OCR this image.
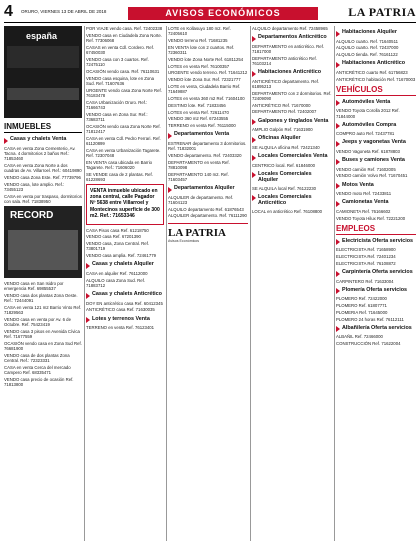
4 ORURO, VIERNES 13 DE ABRIL DE 2018	AVISOS ECONÓMICOS	LA PATRIA
españa
INMUEBLES
Casas y chalets Venta
CASA en venta Zona Cementerio, Av. Tacna. 4 dormitorios 2 baños Ref.: 71853460
CASA en venta Zona Norte a dos cuadras de Av. Villarroel. Ref.: 60419890
VENDO casa Zona Este. Ref. 77739796
VENDO casa, lote amplio. Ref.: 73455123
CASA en venta por traspaso, dormitorios con sala. Ref. 71838950
RECORD
VENDO casa en San Isidro por emergencia Ref. 69855537
VENDO casa dos plantas Zona Oeste. Ref.: 72444091
CASA en venta 121 m2 Barrio Vinto Ref. 71829563
VENDO casa en venta por Av. 6 de Octubre. Ref. 75423419
VENDO casa 3 pisos en Avenida Cívica Ref. 71677559
OCASIÓN vendo casa en Zona Sud Ref. 76681900
VENDO casa de dos plantas Zona Central. Ref.: 72323331
CASA en venta Cerca del mercado Campero Ref. 68335471
VENDO casa precio de ocasión Ref. 71813800
POR VIAJE vendo casa. Ref. 72402338
VENDO casa en Ciudadela Zona Norte. Ref. 77306068
CASAS en venta Cdl. Cordero. Ref. 67450030
VENDO casa con 3 cuartos. Ref. 72475110
OCASIÓN vendo casa. Ref. 76110631
VENDO casa esquina, lote en Zona Sud. Ref. 71607636
URGENTE vendo casa Zona Norte Ref. 76183478
CASA Urbanización Oruro. Ref.: 71666743
VENDO casa en Zona Sur. Ref.: 73683711
OCASIÓN vendo casa Zona Norte Ref. 71812417
CASA en venta Cdl. Pedro Ferrari. Ref. 61120899
CASA en venta Urbanización Tagarete. Ref. 72307048
EN VENTA casa ubicada en Barrio Tagarete. Ref.: 71606020
SE VENDE casa de 2 plantas. Ref. 61228693
VENTA inmueble ubicado en zona central, calle Pagador Nº 5638 entre Villarroel y Montecinos superficie de 300 m2. Ref.: 71653346
CASA Pisos casa Ref. 61218750
VENDO casa Ref. 67201390
VENDO casa, Zona Central. Ref. 73801719
VENDO casa amplia. Ref. 72461779
Casas y chalets Alquiler
CASA en alquiler Ref. 76112000
ALQUILO casa Zona Sud. Ref. 71883712
Casas y chalets Anticrético
DOY EN anticrético casa Ref. 60412345
ANTICRÉTICO casa Ref. 71630035
Lotes y terrenos Venta
TERRENO en venta Ref. 76123401
LOTE en Kollasuyo 180 m2. Ref. 72405610
VENDO terreno Ref. 71681235
EN VENTA lote con 2 cuartos. Ref. 72360311
VENDO lote Zona Norte Ref. 61811254
LOTES en venta Ref. 76100357
URGENTE vendo terreno. Ref. 71641212
VENDO lote Zona Sur. Ref. 72321777
LOTE en venta, Ciudadela Barrio Ref. 71649887
LOTES en venta 360 m2 Ref. 71604100
DESTINO lote. Ref. 71833456
LOTES en venta Ref. 72611470
VENDO 360 m2 Ref. 67243555
TERRENO en venta Ref. 76115000
Departamentos Venta
ESTRENAR departamento 3 dormitorios. Ref. 71832001
VENDO departamento. Ref. 72403320
DEPARTAMENTO en venta Ref. 78810098
DEPARTAMENTO 140 m2. Ref. 71603457
Departamentos Alquiler
ALQUILER de departamento. Ref. 71604123
ALQUILO departamento Ref. 61876543
ALQUILER departamento. Ref. 76111290
LA PATRIA
Avisos Económicos
ALQUILO departamento Ref. 72458965
Departamentos Anticrético
DEPARTAMENTO en anticrético. Ref. 71817000
DEPARTAMENTO anticrético Ref. 76103214
Habitaciones Anticrético
ANTICRÉTICO departamento. Ref. 61895213
DEPARTAMENTO con 2 dormitorios. Ref. 72409090
ANTICRÉTICO Ref. 71670000
DEPARTAMENTO Ref. 72402007
Galpones y tinglados Venta
AMPLIO Galpón Ref. 71631900
Oficinas Alquiler
SE ALQUILA oficina Ref. 72421340
Locales Comerciales Venta
CENTRICO local. Ref. 61846000
Locales Comerciales Alquiler
SE ALQUILA local Ref. 76122230
Locales Comerciales Anticrético
LOCAL en anticrético Ref. 76108800
Habitaciones Alquiler
ALQUILO cuarto. Ref. 71640511
ALQUILO cuarto. Ref. 72437000
ALQUILO tienda. Ref. 76161122
Habitaciones Anticrético
ANTICRÉTICO cuarto Ref. 61756823
ANTICRÉTICO habitación Ref. 71670003
VEHÍCULOS
Automóviles Venta
VENDO Toyota Corolla 2012 Ref. 71844000
Automóviles Compra
COMPRO auto Ref. 72437781
Jeeps y vagonetas Venta
VENDO Vagoneta Ref. 61878803
Buses y camiones Venta
VENDO camión Ref. 71602005
VENDO camión Volvo Ref. 71670451
Motos Venta
VENDO moto Ref. 72433811
Camionetas Venta
CAMIONETA Ref. 76166602
VENDO Toyota Hilux Ref. 72221200
EMPLEOS
Electricista Oferta servicios
ELECTRICISTA Ref. 71658900
ELECTRICISTA Ref. 72401234
ELECTRICISTA Ref. 76108872
Carpintería Oferta servicios
CARPINTERO Ref. 71633004
Plomería Oferta servicios
PLOMERO Ref. 72422000
PLOMERO Ref. 61807771
PLOMERIA Ref. 71645000
PLOMERO 24 horas Ref. 76112111
Albañilería Oferta servicios
ALBAÑIL Ref. 72466000
CONSTRUCCIÓN Ref. 71622004
